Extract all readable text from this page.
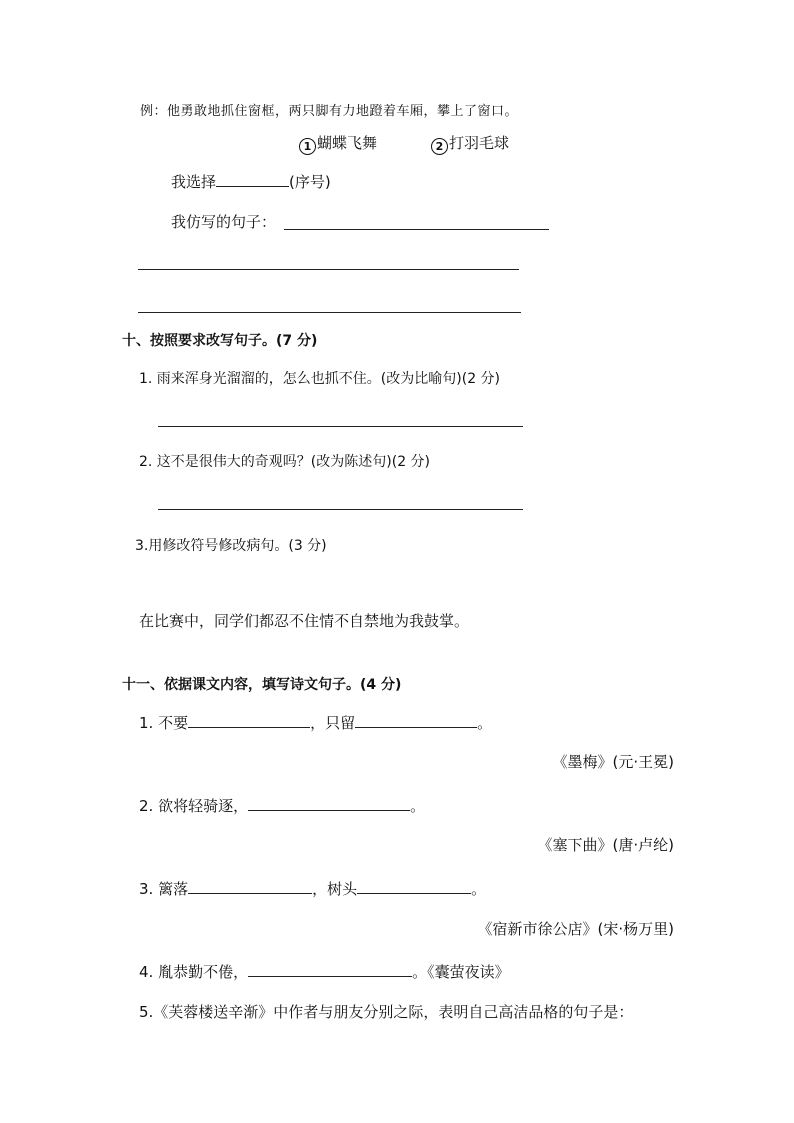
例：他勇敢地抓住窗框，两只脚有力地蹬着车厢，攀上了窗口。
1 蝴蝶飞舞	2 打羽毛球
我选择	(序号)
我仿写的句子：
十、按照要求改写句子。(7 分)
1. 雨来浑身光溜溜的，怎么也抓不住。(改为比喻句)(2 分)
2. 这不是很伟大的奇观吗？(改为陈述句)(2 分)
3.用修改符号修改病句。(3 分)
在比赛中，同学们都忍不住情不自禁地为我鼓掌。
十一、依据课文内容，填写诗文句子。(4 分)
1. 不要	，只留	。
《墨梅》(元·王冕)
2. 欲将轻骑逐，	。
《塞下曲》(唐·卢纶)
3. 篱落	，树头	。
《宿新市徐公店》(宋·杨万里)
4. 胤恭勤不倦，	。《囊萤夜读》
5.《芙蓉楼送辛渐》中作者与朋友分别之际，表明自己高洁品格的句子是：
